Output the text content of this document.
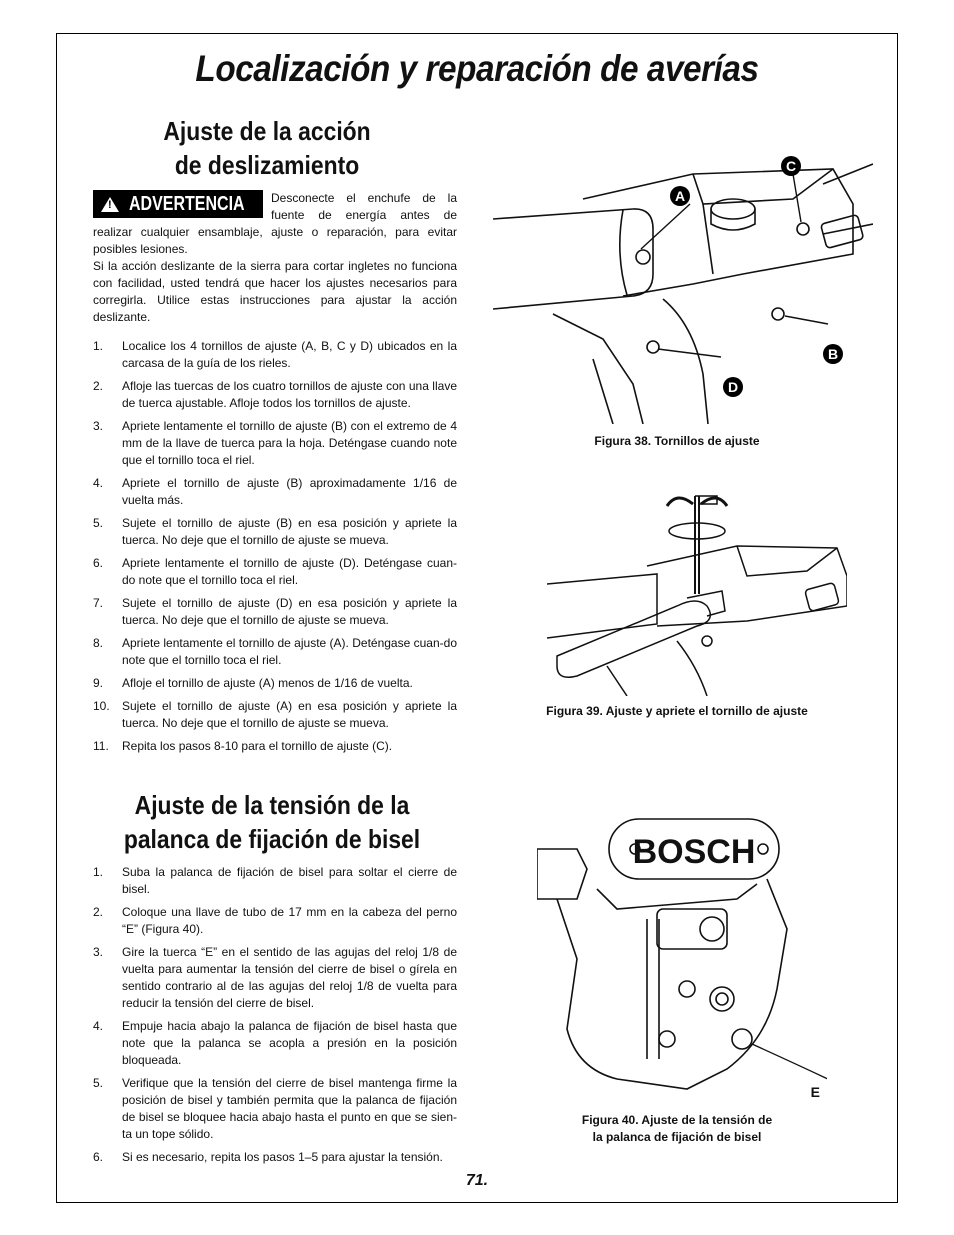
Localización y reparación de averías
Ajuste de la acción
de deslizamiento
!
ADVERTENCIA	Desconecte el enchufe de la fuente de energía antes de realizar cualquier ensamblaje, ajuste o reparación, para evitar posibles lesiones.

Si la acción deslizante de la sierra para cortar ingletes no funciona con facilidad, usted tendrá que hacer los ajustes necesarios para corregirla. Utilice estas instrucciones para ajustar la acción deslizante.

1. Localice los 4 tornillos de ajuste (A, B, C y D) ubicados en la carcasa de la guía de los rieles.
2. Afloje las tuercas de los cuatro tornillos de ajuste con una llave de tuerca ajustable. Afloje todos los tornillos de ajuste.
3. Apriete lentamente el tornillo de ajuste (B) con el extremo de 4 mm de la llave de tuerca para la hoja. Deténgase cuando note que el tornillo toca el riel.
4. Apriete el tornillo de ajuste (B) aproximadamente 1/16 de vuelta más.
5. Sujete el tornillo de ajuste (B) en esa posición y apriete la tuerca. No deje que el tornillo de ajuste se mueva.
6. Apriete lentamente el tornillo de ajuste (D). Deténgase cuan-do note que el tornillo toca el riel.
7. Sujete el tornillo de ajuste (D) en esa posición y apriete la tuerca. No deje que el tornillo de ajuste se mueva.
8. Apriete lentamente el tornillo de ajuste (A). Deténgase cuan-do note que el tornillo toca el riel.
9. Afloje el tornillo de ajuste (A) menos de 1/16 de vuelta.
10. Sujete el tornillo de ajuste (A) en esa posición y apriete la tuerca. No deje que el tornillo de ajuste se mueva.
11. Repita los pasos 8-10 para el tornillo de ajuste (C).
Ajuste de la tensión de la
palanca de fijación de bisel
1. Suba la palanca de fijación de bisel para soltar el cierre de bisel.
2. Coloque una llave de tubo de 17 mm en la cabeza del perno “E” (Figura 40).
3. Gire la tuerca “E” en el sentido de las agujas del reloj 1/8 de vuelta para aumentar la tensión del cierre de bisel o gírela en sentido contrario al de las agujas del reloj 1/8 de vuelta para reducir la tensión del cierre de bisel.
4. Empuje hacia abajo la palanca de fijación de bisel hasta que note que la palanca se acopla a presión en la posición bloqueada.
5. Verifique que la tensión del cierre de bisel mantenga firme la posición de bisel y también permita que la palanca de fijación de bisel se bloquee hacia abajo hasta el punto en que se sien-ta un tope sólido.
6. Si es necesario, repita los pasos 1–5 para ajustar la tensión.
A
C
B
D
Figura 38. Tornillos de ajuste
Figura 39. Ajuste y apriete el tornillo de ajuste
BOSCH
E
Figura 40. Ajuste de la tensión de
la palanca de fijación de bisel
71.
